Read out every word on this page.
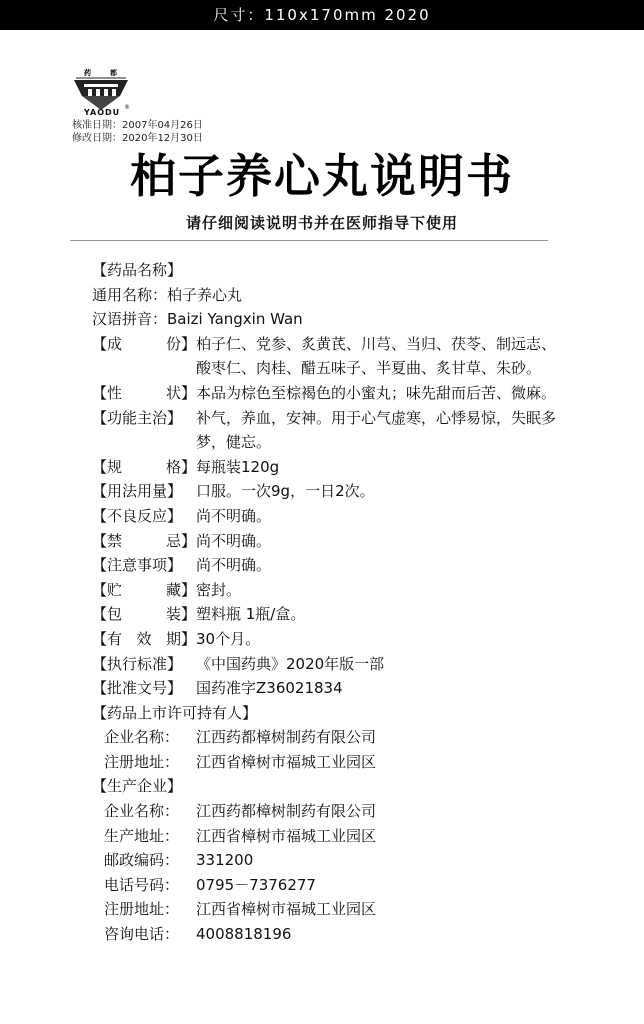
尺寸：110x170mm 2020
药	都
YAODU
®
核准日期：2007年04月26日
修改日期：2020年12月30日
柏子养心丸说明书
请仔细阅读说明书并在医师指导下使用
【药品名称】
通用名称： 柏子养心丸
汉语拼音： Baizi Yangxin Wan
【成	份】 柏子仁、党参、炙黄芪、川芎、当归、茯苓、制远志、酸枣仁、肉桂、醋五味子、半夏曲、炙甘草、朱砂。
【性	状】 本品为棕色至棕褐色的小蜜丸；味先甜而后苦、微麻。
【功能主治】 补气，养血，安神。用于心气虚寒，心悸易惊，失眠多梦，健忘。
【规	格】 每瓶装120g
【用法用量】 口服。一次9g，一日2次。
【不良反应】 尚不明确。
【禁	忌】 尚不明确。
【注意事项】 尚不明确。
【贮	藏】 密封。
【包	装】 塑料瓶 1瓶/盒。
【有 效 期】 30个月。
【执行标准】 《中国药典》2020年版一部
【批准文号】 国药准字Z36021834
【药品上市许可持有人】
企业名称：	江西药都樟树制药有限公司
注册地址：	江西省樟树市福城工业园区
【生产企业】
企业名称：	江西药都樟树制药有限公司
生产地址：	江西省樟树市福城工业园区
邮政编码：	331200
电话号码：	0795－7376277
注册地址：	江西省樟树市福城工业园区
咨询电话：	4008818196
